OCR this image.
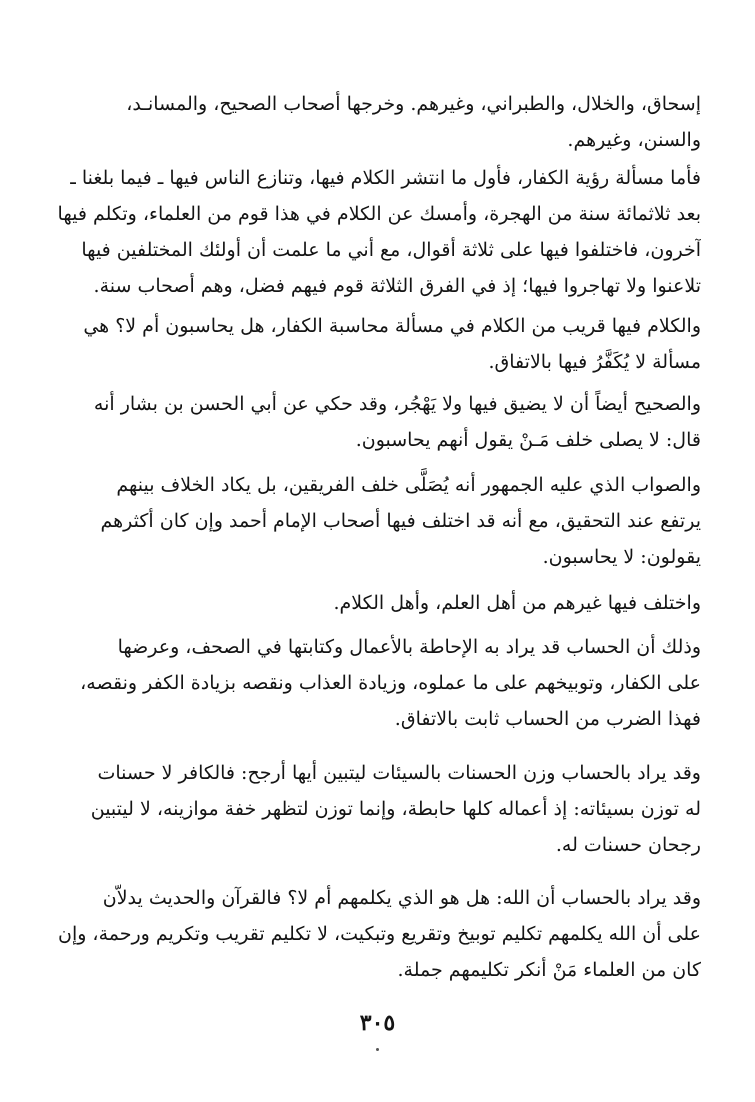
إسحاق، والخلال، والطبراني، وغيرهم. وخرجها أصحاب الصحيح، والمسانـد،
والسنن، وغيرهم.
فأما مسألة رؤية الكفار، فأول ما انتشر الكلام فيها، وتنازع الناس فيها ـ فيما بلغنا ـ
بعد ثلاثمائة سنة من الهجرة، وأمسك عن الكلام في هذا قوم من العلماء، وتكلم فيها
آخرون، فاختلفوا فيها على ثلاثة أقوال، مع أني ما علمت أن أولئك المختلفين فيها
تلاعنوا ولا تهاجروا فيها؛ إذ في الفرق الثلاثة قوم فيهم فضل، وهم أصحاب سنة.
والكلام فيها قريب من الكلام في مسألة محاسبة الكفار، هل يحاسبون أم لا؟ هي
مسألة لا يُكَفَّرُ فيها بالاتفاق.
والصحيح أيضاً أن لا يضيق فيها ولا يَهْجُر، وقد حكي عن أبي الحسن بن بشار أنه
قال: لا يصلى خلف مَـنْ يقول أنهم يحاسبون.
والصواب الذي عليه الجمهور أنه يُصَلَّى خلف الفريقين، بل يكاد الخلاف بينهم
يرتفع عند التحقيق، مع أنه قد اختلف فيها أصحاب الإمام أحمد وإن كان أكثرهم
يقولون: لا يحاسبون.
واختلف فيها غيرهم من أهل العلم، وأهل الكلام.
وذلك أن الحساب قد يراد به الإحاطة بالأعمال وكتابتها في الصحف، وعرضها
على الكفار، وتوبيخهم على ما عملوه، وزيادة العذاب ونقصه بزيادة الكفر ونقصه،
فهذا الضرب من الحساب ثابت بالاتفاق.
وقد يراد بالحساب وزن الحسنات بالسيئات ليتبين أيها أرجح: فالكافر لا حسنات
له توزن بسيئاته: إذ أعماله كلها حابطة، وإنما توزن لتظهر خفة موازينه، لا ليتبين
رجحان حسنات له.
وقد يراد بالحساب أن الله: هل هو الذي يكلمهم أم لا؟ فالقرآن والحديث يدلاّن
على أن الله يكلمهم تكليم توبيخ وتقريع وتبكيت، لا تكليم تقريب وتكريم ورحمة، وإن
كان من العلماء مَنْ أنكر تكليمهم جملة.
٣٠٥
